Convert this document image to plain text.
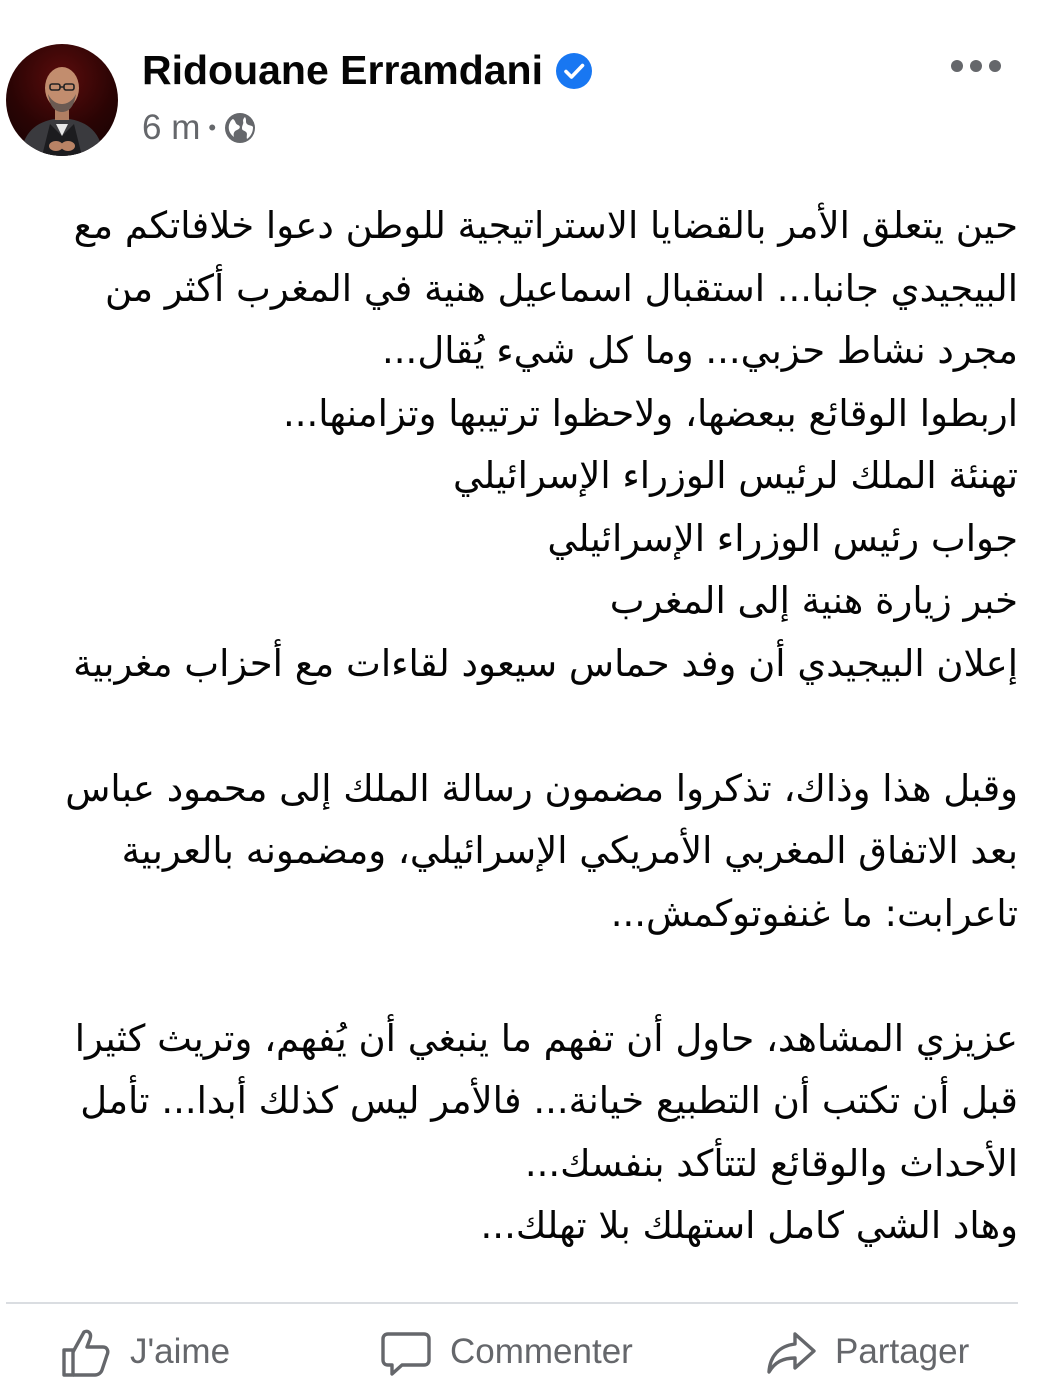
Ridouane Erramdani
6 m •
حين يتعلق الأمر بالقضايا الاستراتيجية للوطن دعوا خلافاتكم مع
البيجيدي جانبا... استقبال اسماعيل هنية في المغرب أكثر من
مجرد نشاط حزبي... وما كل شيء يُقال...
اربطوا الوقائع ببعضها، ولاحظوا ترتيبها وتزامنها...
تهنئة الملك لرئيس الوزراء الإسرائيلي
جواب رئيس الوزراء الإسرائيلي
خبر زيارة هنية إلى المغرب
إعلان البيجيدي أن وفد حماس سيعود لقاءات مع أحزاب مغربية
وقبل هذا وذاك، تذكروا مضمون رسالة الملك إلى محمود عباس
بعد الاتفاق المغربي الأمريكي الإسرائيلي، ومضمونه بالعربية
تاعرابت: ما غنفوتوكمش...
عزيزي المشاهد، حاول أن تفهم ما ينبغي أن يُفهم، وتريث كثيرا
قبل أن تكتب أن التطبيع خيانة... فالأمر ليس كذلك أبدا... تأمل
الأحداث والوقائع لتتأكد بنفسك...
وهاد الشي كامل استهلك بلا تهلك...
J'aime	Commenter	Partager
